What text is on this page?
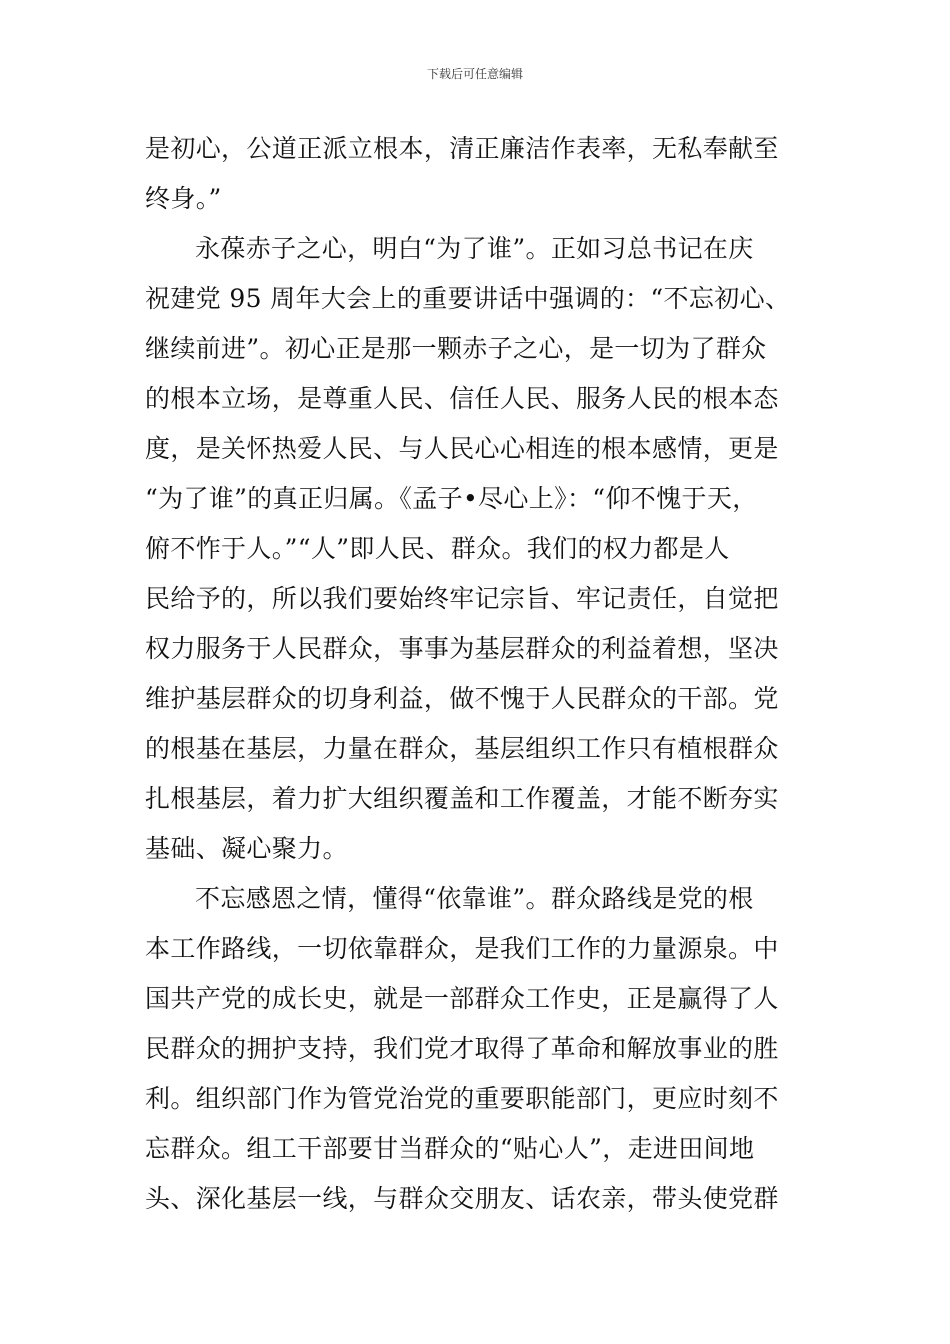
下载后可任意编辑
是初心，公道正派立根本，清正廉洁作表率，无私奉献至
终身。”
永葆赤子之心，明白“为了谁”。正如习总书记在庆
祝建党 95 周年大会上的重要讲话中强调的：“不忘初心、
继续前进”。初心正是那一颗赤子之心，是一切为了群众
的根本立场，是尊重人民、信任人民、服务人民的根本态
度，是关怀热爱人民、与人民心心相连的根本感情，更是
“为了谁”的真正归属。《孟子•尽心上》：“仰不愧于天，
俯不怍于人。”“人”即人民、群众。我们的权力都是人
民给予的，所以我们要始终牢记宗旨、牢记责任，自觉把
权力服务于人民群众，事事为基层群众的利益着想，坚决
维护基层群众的切身利益，做不愧于人民群众的干部。党
的根基在基层，力量在群众，基层组织工作只有植根群众
扎根基层，着力扩大组织覆盖和工作覆盖，才能不断夯实
基础、凝心聚力。
不忘感恩之情，懂得“依靠谁”。群众路线是党的根
本工作路线，一切依靠群众，是我们工作的力量源泉。中
国共产党的成长史，就是一部群众工作史，正是赢得了人
民群众的拥护支持，我们党才取得了革命和解放事业的胜
利。组织部门作为管党治党的重要职能部门，更应时刻不
忘群众。组工干部要甘当群众的“贴心人”，走进田间地
头、深化基层一线，与群众交朋友、话农亲，带头使党群
